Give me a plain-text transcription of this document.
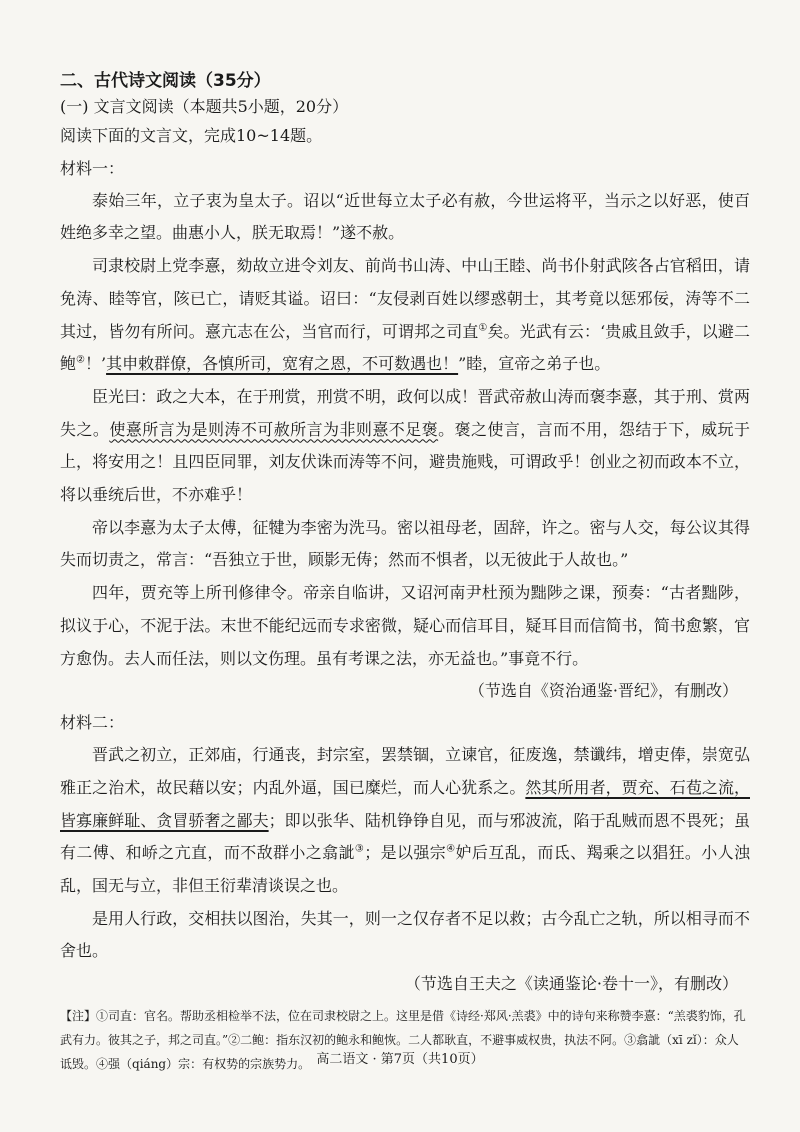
二、古代诗文阅读（35分）
(一) 文言文阅读（本题共5小题，20分）
阅读下面的文言文，完成10~14题。
材料一：
泰始三年，立子衷为皇太子。诏以“近世每立太子必有赦，今世运将平，当示之以好恶，使百姓绝多幸之望。曲惠小人，朕无取焉！”遂不赦。
司隶校尉上党李憙，劾故立进令刘友、前尚书山涛、中山王睦、尚书仆射武陔各占官稻田，请免涛、睦等官，陔已亡，请贬其谥。诏曰：“友侵剥百姓以缪惑朝士，其考竟以惩邪佞，涛等不二其过，皆勿有所问。憙亢志在公，当官而行，可谓邦之司直①矣。光武有云：‘贵戚且敛手，以避二鲍②！’其申敕群僚，各慎所司，宽宥之恩，不可数遇也！”睦，宣帝之弟子也。
臣光曰：政之大本，在于刑赏，刑赏不明，政何以成！晋武帝赦山涛而褒李憙，其于刑、赏两失之。使憙所言为是则涛不可赦所言为非则憙不足褒。褒之使言，言而不用，怨结于下，威玩于上，将安用之！且四臣同罪，刘友伏诛而涛等不问，避贵施贱，可谓政乎！创业之初而政本不立，将以垂统后世，不亦难乎！
帝以李憙为太子太傅，征犍为李密为洗马。密以祖母老，固辞，许之。密与人交，每公议其得失而切责之，常言：“吾独立于世，顾影无俦；然而不惧者，以无彼此于人故也。”
四年，贾充等上所刊修律令。帝亲自临讲，又诏河南尹杜预为黜陟之课，预奏：“古者黜陟，拟议于心，不泥于法。末世不能纪远而专求密微，疑心而信耳目，疑耳目而信简书，简书愈繁，官方愈伪。去人而任法，则以文伤理。虽有考课之法，亦无益也。”事竟不行。
（节选自《资治通鉴·晋纪》，有删改）
材料二：
晋武之初立，正郊庙，行通丧，封宗室，罢禁锢，立谏官，征废逸，禁谶纬，增吏俸，崇宽弘雅正之治术，故民藉以安；内乱外逼，国已糜烂，而人心犹系之。然其所用者，贾充、石苞之流，皆寡廉鲜耻、贪冒骄奢之鄙夫；即以张华、陆机铮铮自见，而与邪波流，陷于乱贼而恩不畏死；虽有二傅、和峤之亢直，而不敌群小之翕訿③；是以强宗④妒后互乱，而氐、羯乘之以猖狂。小人浊乱，国无与立，非但王衍辈清谈误之也。
是用人行政，交相扶以图治，失其一，则一之仅存者不足以救；古今乱亡之轨，所以相寻而不舍也。
（节选自王夫之《读通鉴论·卷十一》，有删改）
【注】①司直：官名。帮助丞相检举不法，位在司隶校尉之上。这里是借《诗经·郑风·羔裘》中的诗句来称赞李憙：“羔裘豹饰，孔武有力。彼其之子，邦之司直。”②二鲍：指东汉初的鲍永和鲍恢。二人都耿直，不避事威权贵，执法不阿。③翕訿（xī zǐ）：众人诋毁。④强（qiáng）宗：有权势的宗族势力。 高二语文 · 第7页（共10页）
